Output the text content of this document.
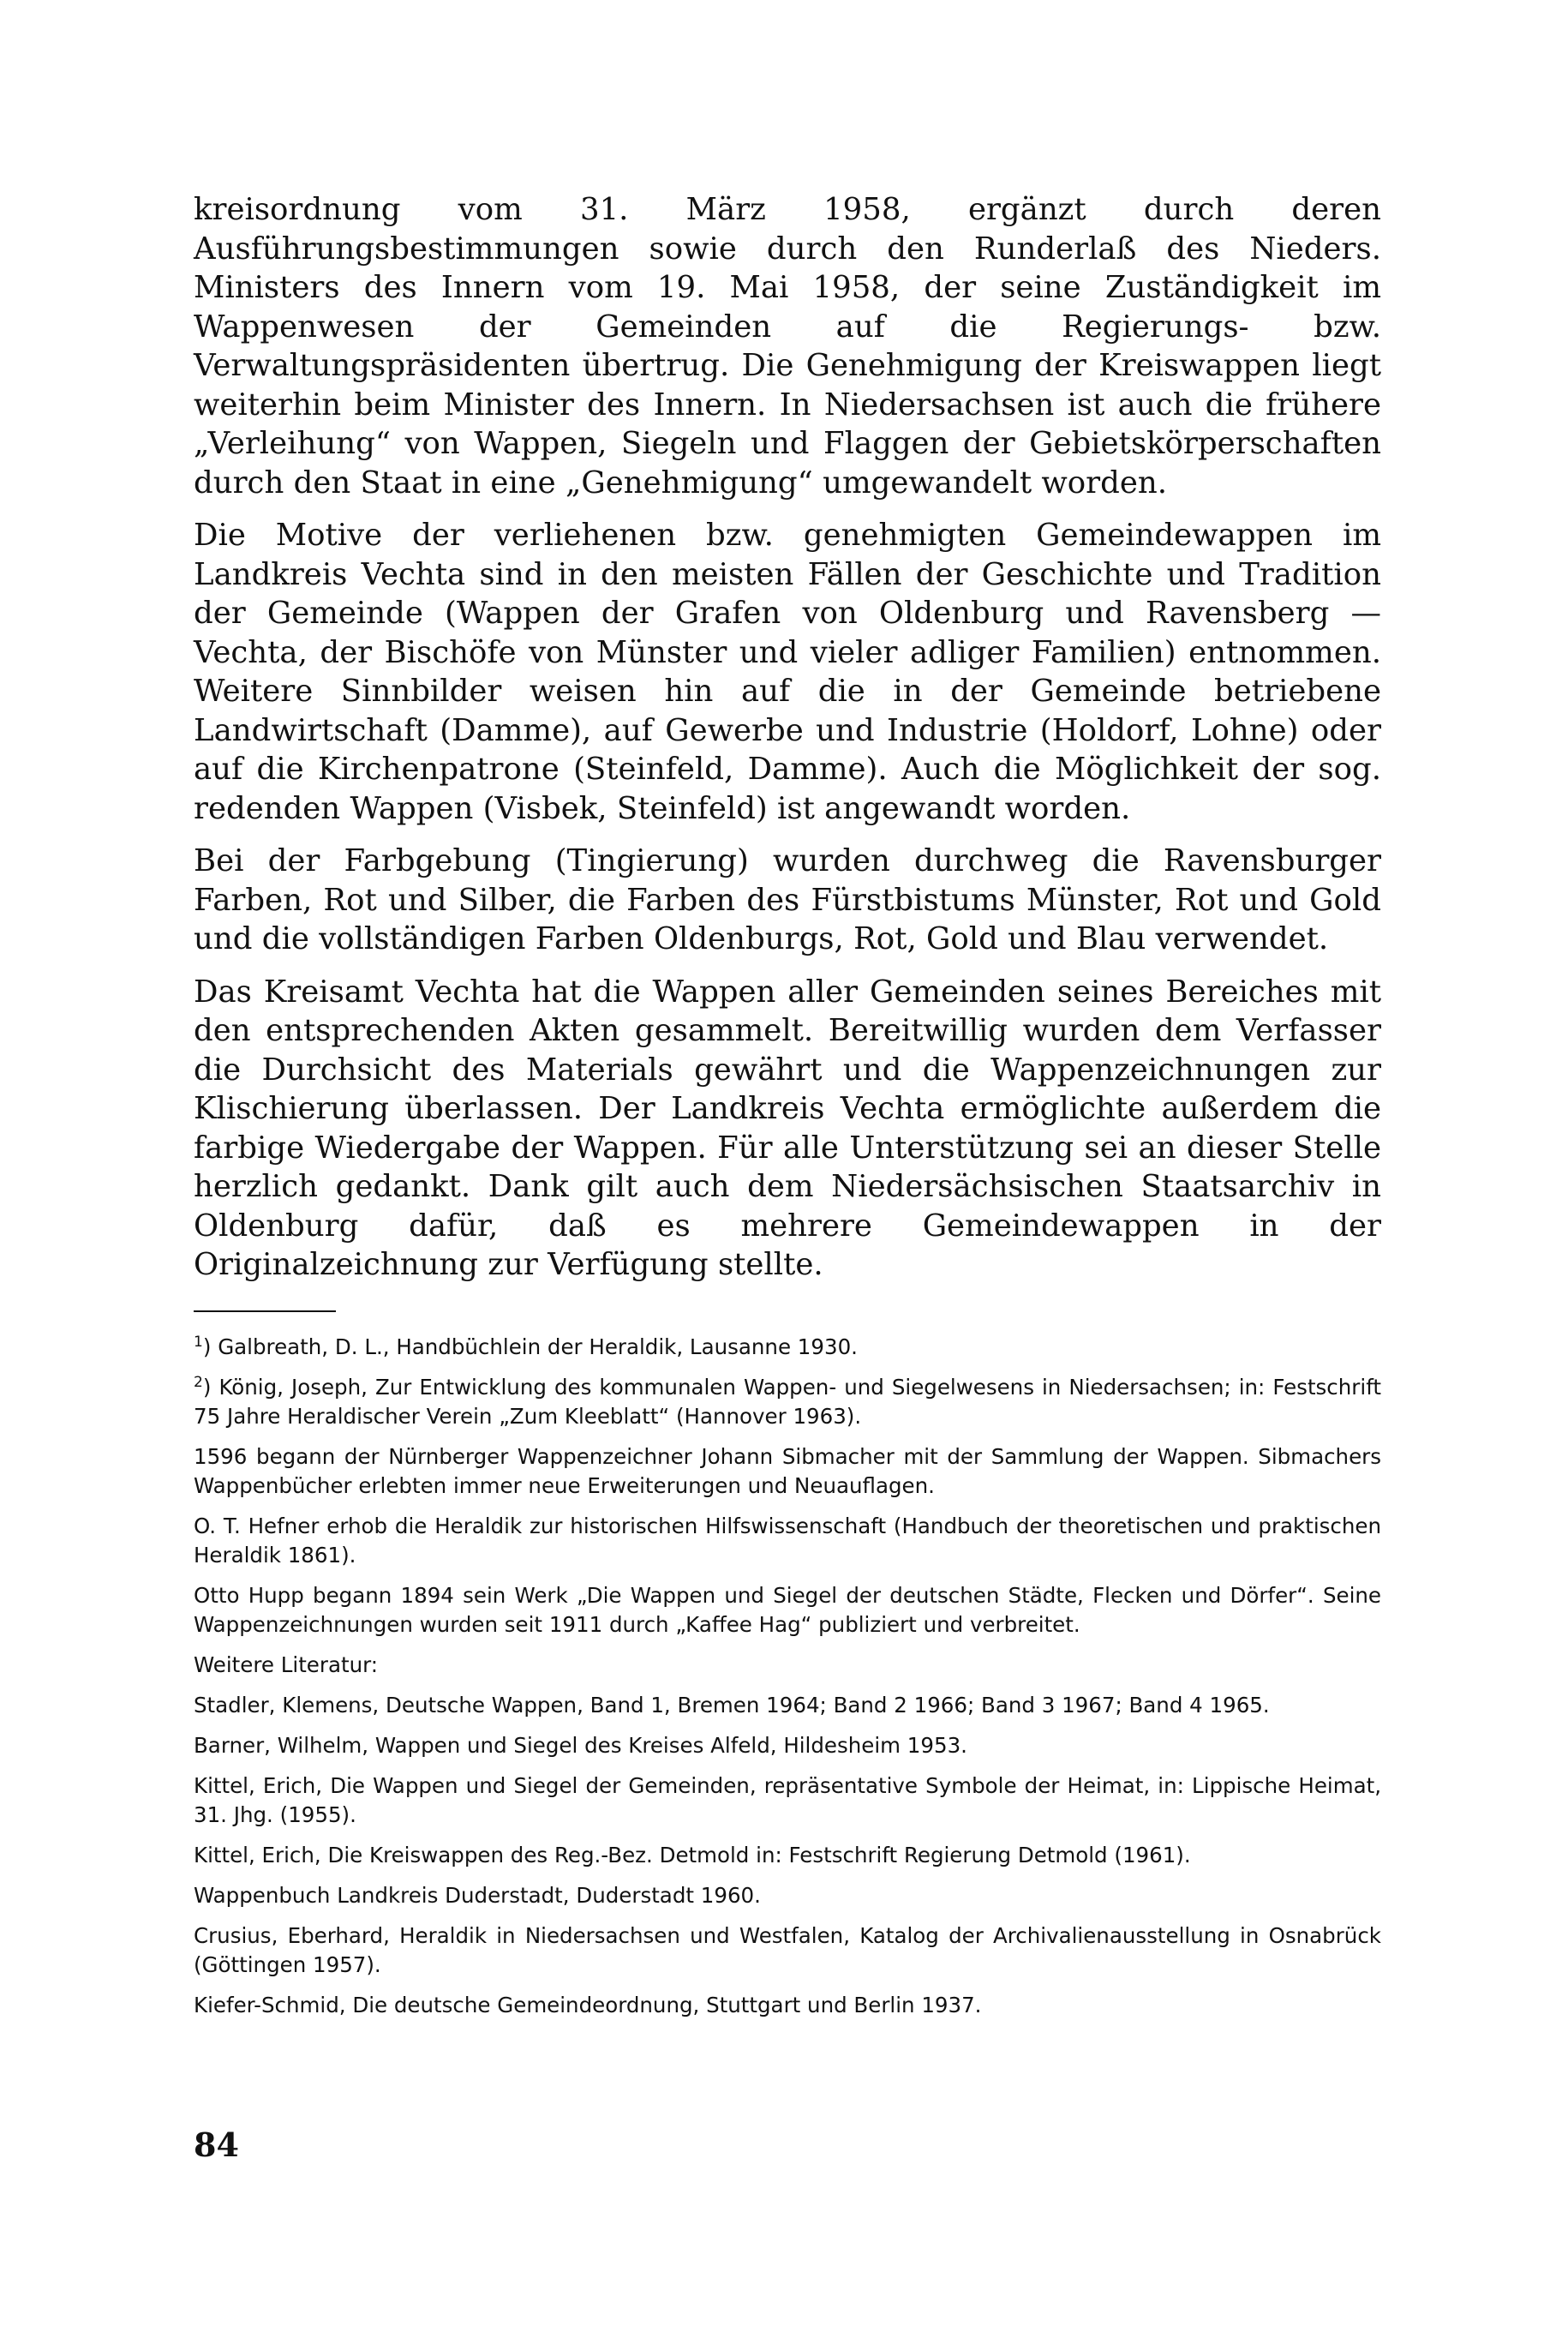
kreisordnung vom 31. März 1958, ergänzt durch deren Ausführungsbestimmungen sowie durch den Runderlaß des Nieders. Ministers des Innern vom 19. Mai 1958, der seine Zuständigkeit im Wappenwesen der Gemeinden auf die Regierungs- bzw. Verwaltungspräsidenten übertrug. Die Genehmigung der Kreiswappen liegt weiterhin beim Minister des Innern. In Niedersachsen ist auch die frühere „Verleihung“ von Wappen, Siegeln und Flaggen der Gebietskörperschaften durch den Staat in eine „Genehmigung“ umgewandelt worden.

Die Motive der verliehenen bzw. genehmigten Gemeindewappen im Landkreis Vechta sind in den meisten Fällen der Geschichte und Tradition der Gemeinde (Wappen der Grafen von Oldenburg und Ravensberg — Vechta, der Bischöfe von Münster und vieler adliger Familien) entnommen. Weitere Sinnbilder weisen hin auf die in der Gemeinde betriebene Landwirtschaft (Damme), auf Gewerbe und Industrie (Holdorf, Lohne) oder auf die Kirchenpatrone (Steinfeld, Damme). Auch die Möglichkeit der sog. redenden Wappen (Visbek, Steinfeld) ist angewandt worden.

Bei der Farbgebung (Tingierung) wurden durchweg die Ravensburger Farben, Rot und Silber, die Farben des Fürstbistums Münster, Rot und Gold und die vollständigen Farben Oldenburgs, Rot, Gold und Blau verwendet.

Das Kreisamt Vechta hat die Wappen aller Gemeinden seines Bereiches mit den entsprechenden Akten gesammelt. Bereitwillig wurden dem Verfasser die Durchsicht des Materials gewährt und die Wappenzeichnungen zur Klischierung überlassen. Der Landkreis Vechta ermöglichte außerdem die farbige Wiedergabe der Wappen. Für alle Unterstützung sei an dieser Stelle herzlich gedankt. Dank gilt auch dem Niedersächsischen Staatsarchiv in Oldenburg dafür, daß es mehrere Gemeindewappen in der Originalzeichnung zur Verfügung stellte.

$^1$) Galbreath, D. L., Handbüchlein der Heraldik, Lausanne 1930.

$^2$) König, Joseph, Zur Entwicklung des kommunalen Wappen- und Siegelwesens in Niedersachsen; in: Festschrift 75 Jahre Heraldischer Verein „Zum Kleeblatt“ (Hannover 1963).

1596 begann der Nürnberger Wappenzeichner Johann Sibmacher mit der Sammlung der Wappen. Sibmachers Wappenbücher erlebten immer neue Erweiterungen und Neuauflagen.

O. T. Hefner erhob die Heraldik zur historischen Hilfswissenschaft (Handbuch der theoretischen und praktischen Heraldik 1861).

Otto Hupp begann 1894 sein Werk „Die Wappen und Siegel der deutschen Städte, Flecken und Dörfer“. Seine Wappenzeichnungen wurden seit 1911 durch „Kaffee Hag“ publiziert und verbreitet.

Weitere Literatur:

Stadler, Klemens, Deutsche Wappen, Band 1, Bremen 1964; Band 2 1966; Band 3 1967; Band 4 1965.

Barner, Wilhelm, Wappen und Siegel des Kreises Alfeld, Hildesheim 1953.

Kittel, Erich, Die Wappen und Siegel der Gemeinden, repräsentative Symbole der Heimat, in: Lippische Heimat, 31. Jhg. (1955).

Kittel, Erich, Die Kreiswappen des Reg.-Bez. Detmold in: Festschrift Regierung Detmold (1961).

Wappenbuch Landkreis Duderstadt, Duderstadt 1960.

Crusius, Eberhard, Heraldik in Niedersachsen und Westfalen, Katalog der Archivalienausstellung in Osnabrück (Göttingen 1957).

Kiefer-Schmid, Die deutsche Gemeindeordnung, Stuttgart und Berlin 1937.

84
